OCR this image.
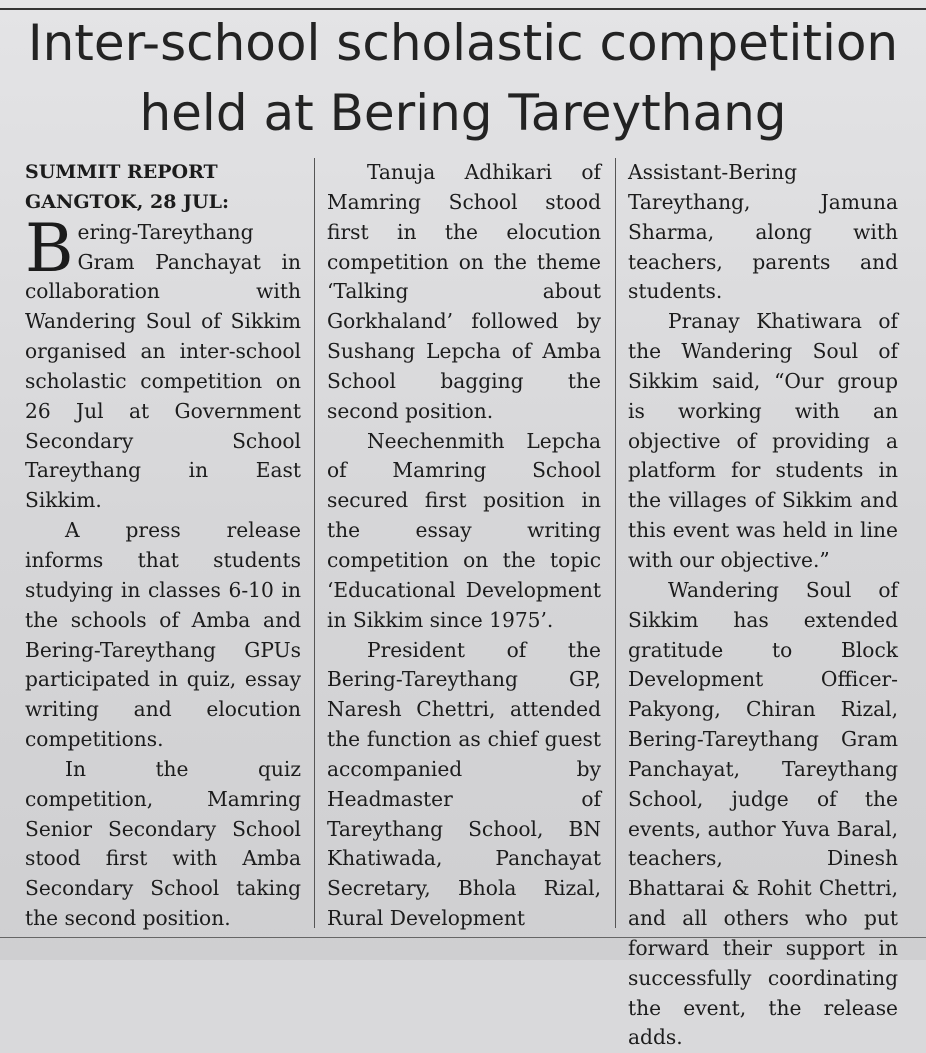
Inter-school scholastic competition
held at Bering Tareythang

SUMMIT REPORT

GANGTOK, 28 JUL:

Bering-Tareythang Gram Panchayat in collaboration with Wandering Soul of Sikkim organised an inter-school scholastic competition on 26 Jul at Government Secondary School Tareythang in East Sikkim.

A press release informs that students studying in classes 6-10 in the schools of Amba and Bering-Tareythang GPUs participated in quiz, essay writing and elocution competitions.

In the quiz competition, Mamring Senior Secondary School stood first with Amba Secondary School taking the second position.

Tanuja Adhikari of Mamring School stood first in the elocution competition on the theme ‘Talking about Gorkhaland’ followed by Sushang Lepcha of Amba School bagging the second position.

Neechenmith Lepcha of Mamring School secured first position in the essay writing competition on the topic ‘Educational Development in Sikkim since 1975’.

President of the Bering-Tareythang GP, Naresh Chettri, attended the function as chief guest accompanied by Headmaster of Tareythang School, BN Khatiwada, Panchayat Secretary, Bhola Rizal, Rural Development

Assistant-Bering Tareythang, Jamuna Sharma, along with teachers, parents and students.

Pranay Khatiwara of the Wandering Soul of Sikkim said, “Our group is working with an objective of providing a platform for students in the villages of Sikkim and this event was held in line with our objective.”

Wandering Soul of Sikkim has extended gratitude to Block Development Officer-Pakyong, Chiran Rizal, Bering-Tareythang Gram Panchayat, Tareythang School, judge of the events, author Yuva Baral, teachers, Dinesh Bhattarai & Rohit Chettri, and all others who put forward their support in successfully coordinating the event, the release adds.
